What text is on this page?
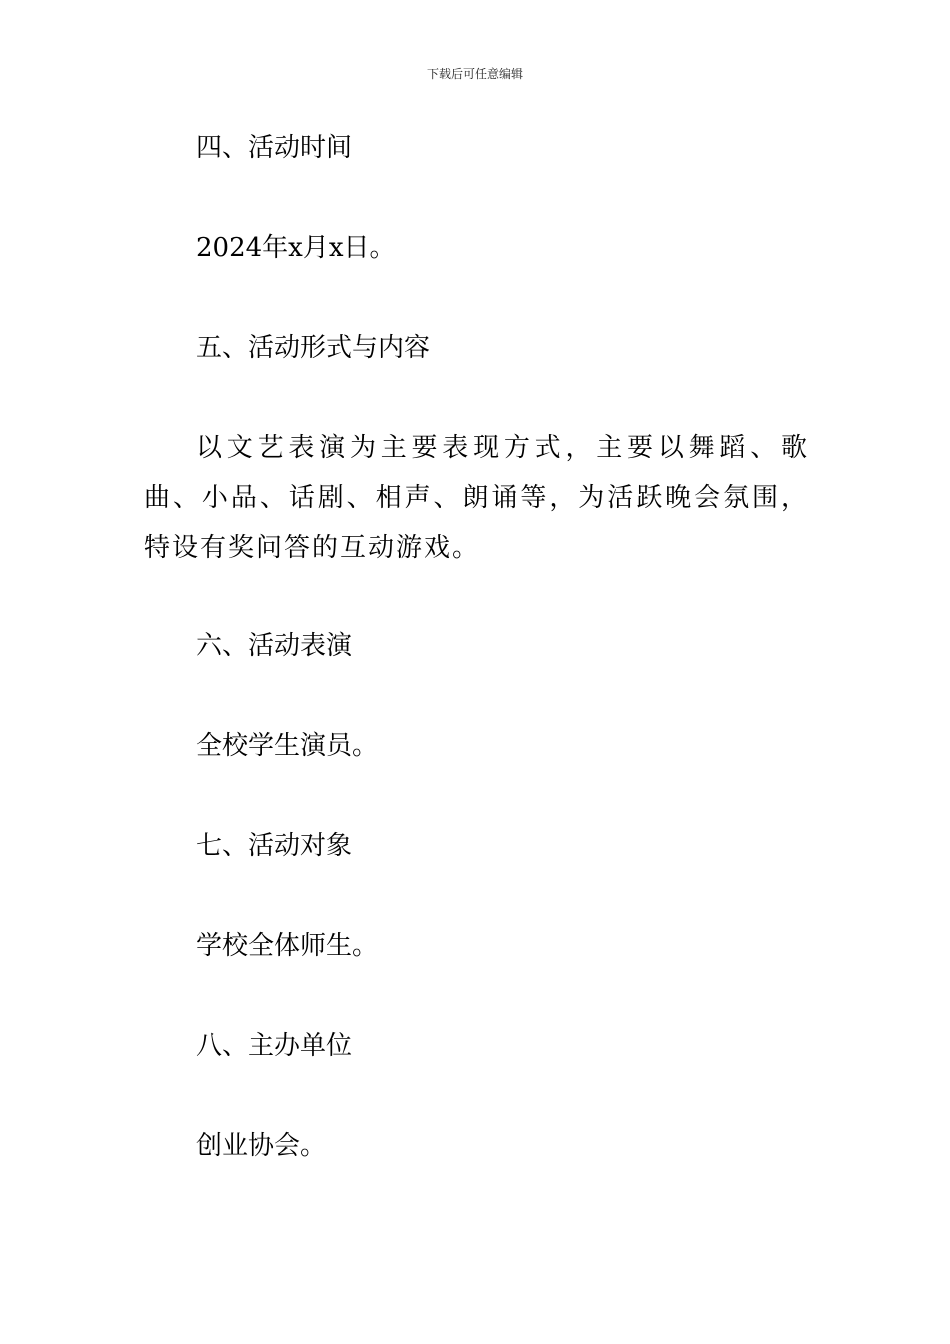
下载后可任意编辑
四、活动时间
2024年x月x日。
五、活动形式与内容
以文艺表演为主要表现方式，主要以舞蹈、歌曲、小品、话剧、相声、朗诵等，为活跃晚会氛围，特设有奖问答的互动游戏。
六、活动表演
全校学生演员。
七、活动对象
学校全体师生。
八、主办单位
创业协会。
